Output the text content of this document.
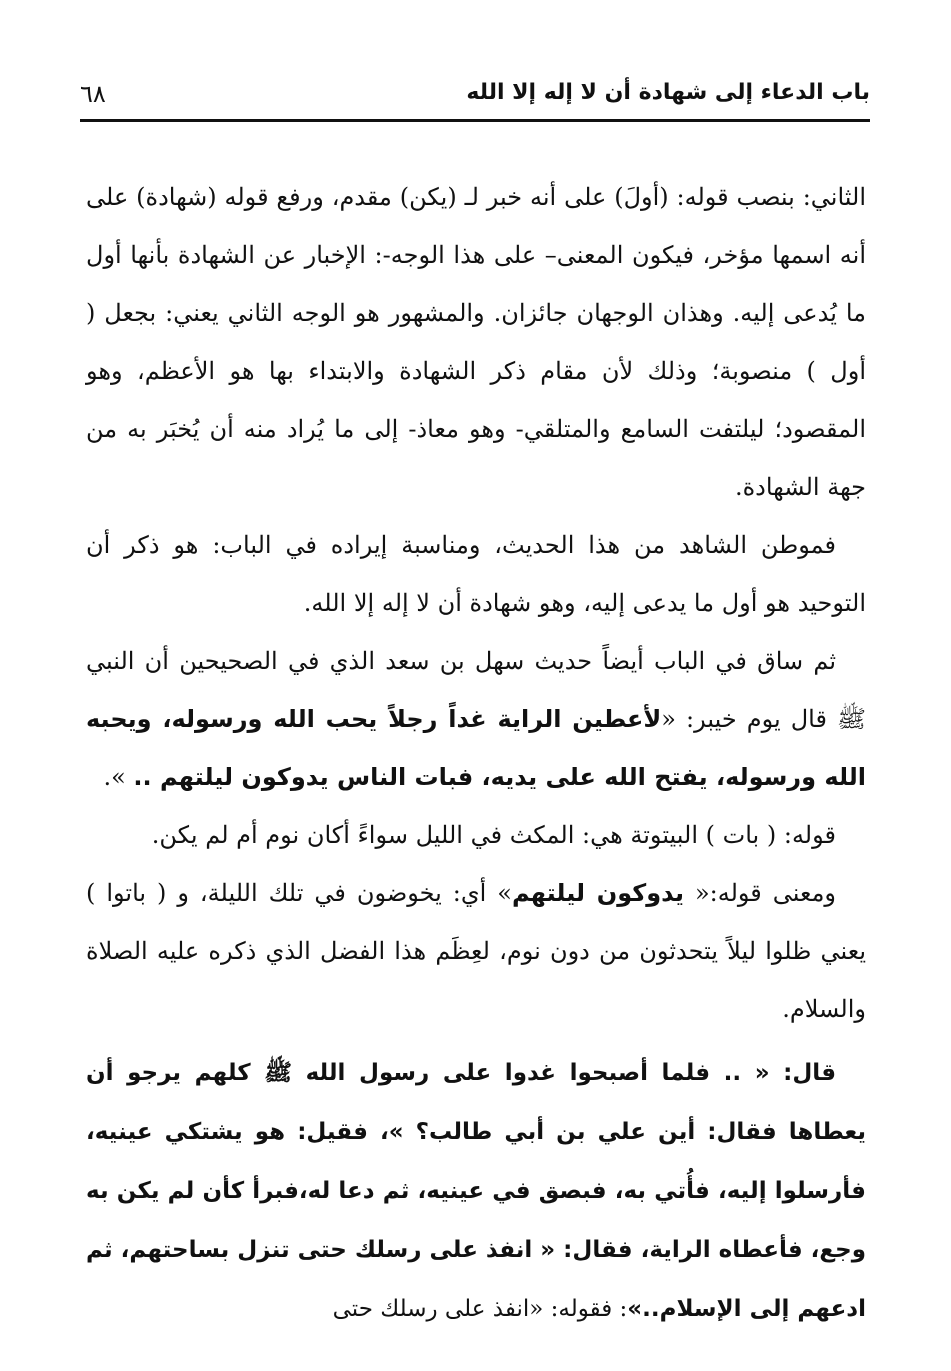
باب الدعاء إلى شهادة أن لا إله إلا الله
٦٨

الثاني: بنصب قوله: (أولَ) على أنه خبر لـ (يكن) مقدم، ورفع قوله (شهادة) على أنه اسمها مؤخر، فيكون المعنى– على هذا الوجه-: الإخبار عن الشهادة بأنها أول ما يُدعى إليه. وهذان الوجهان جائزان. والمشهور هو الوجه الثاني يعني: بجعل ( أول ) منصوبة؛ وذلك لأن مقام ذكر الشهادة والابتداء بها هو الأعظم، وهو المقصود؛ ليلتفت السامع والمتلقي- وهو معاذ- إلى ما يُراد منه أن يُخبَر به من جهة الشهادة.

فموطن الشاهد من هذا الحديث، ومناسبة إيراده في الباب: هو ذكر أن التوحيد هو أول ما يدعى إليه، وهو شهادة أن لا إله إلا الله.

ثم ساق في الباب أيضاً حديث سهل بن سعد الذي في الصحيحين أن النبي ﷺ قال يوم خيبر: «لأعطين الراية غداً رجلاً يحب الله ورسوله، ويحبه الله ورسوله، يفتح الله على يديه، فبات الناس يدوكون ليلتهم .. ».

قوله: ( بات ) البيتوتة هي: المكث في الليل سواءً أكان نوم أم لم يكن.

ومعنى قوله:« يدوكون ليلتهم» أي: يخوضون في تلك الليلة، و ( باتوا ) يعني ظلوا ليلاً يتحدثون من دون نوم، لعِظَم هذا الفضل الذي ذكره عليه الصلاة والسلام.

قال: « .. فلما أصبحوا غدوا على رسول الله ﷺ كلهم يرجو أن يعطاها فقال: أين علي بن أبي طالب؟ »، فقيل: هو يشتكي عينيه، فأرسلوا إليه، فأُتي به، فبصق في عينيه، ثم دعا له،فبرأ كأن لم يكن به وجع، فأعطاه الراية، فقال: « انفذ على رسلك حتى تنزل بساحتهم، ثم ادعهم إلى الإسلام..»: فقوله: «انفذ على رسلك حتى
